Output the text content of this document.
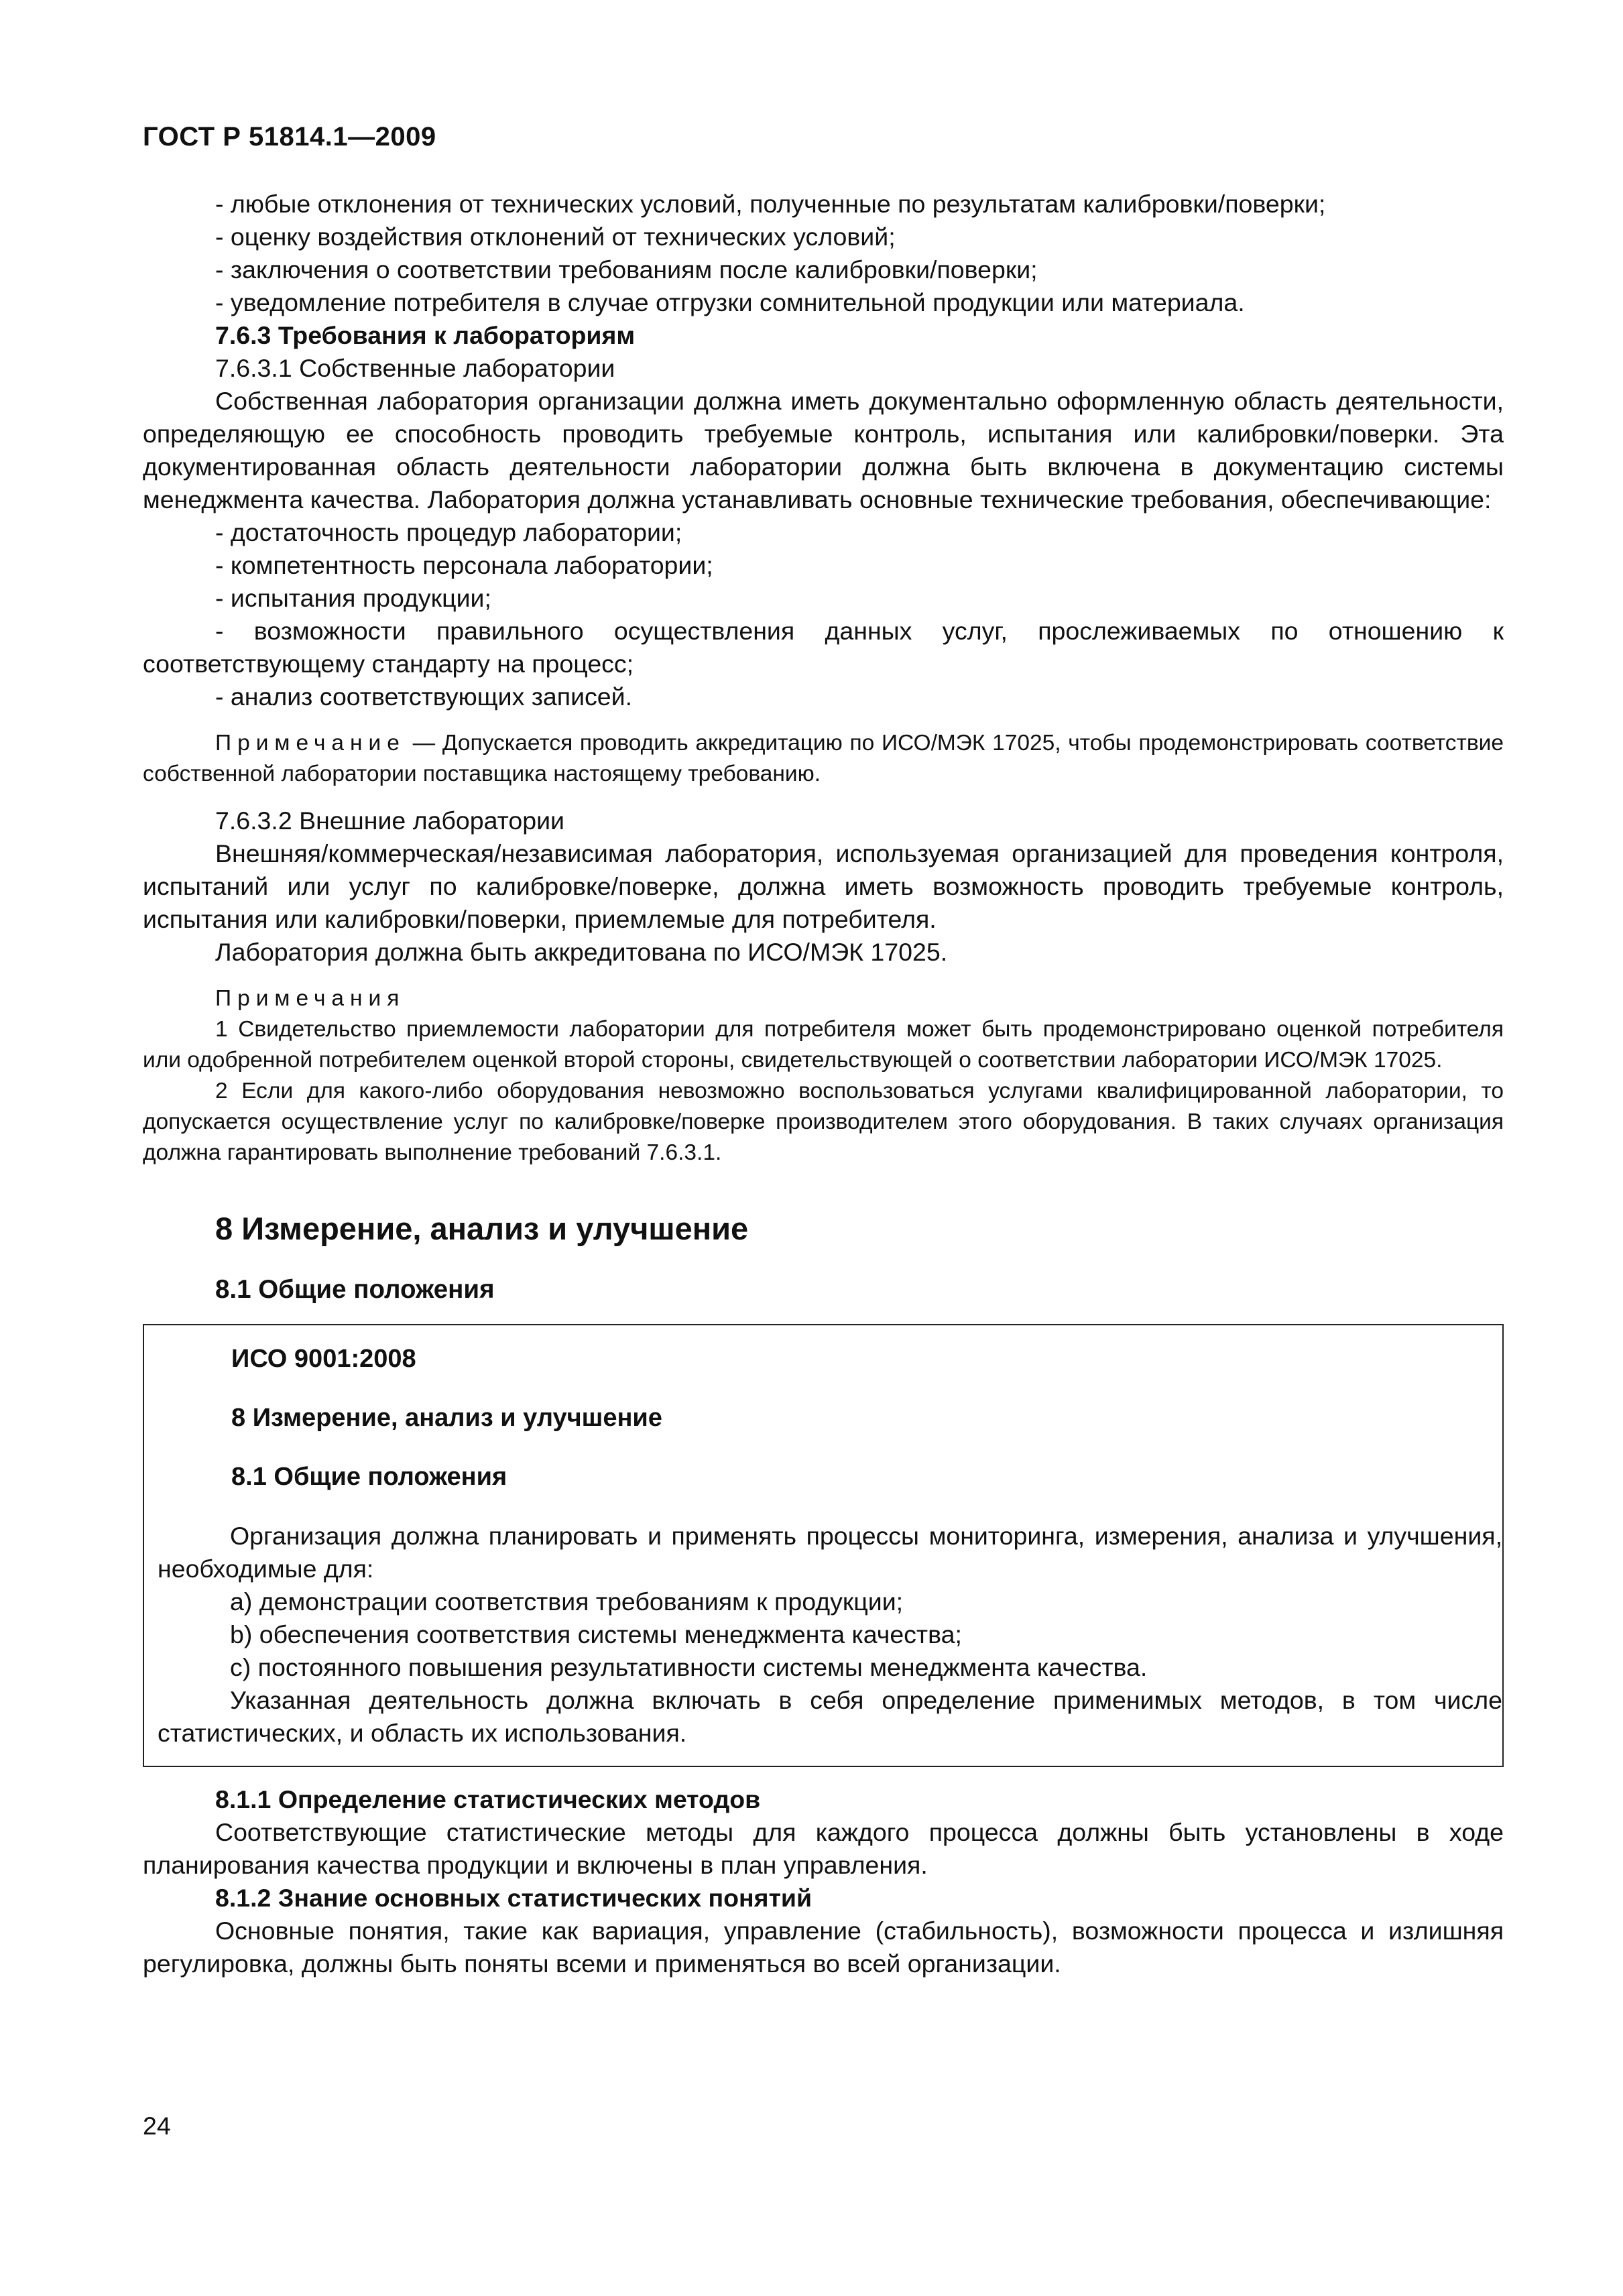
ГОСТ Р 51814.1—2009

- любые отклонения от технических условий, полученные по результатам калибровки/поверки;

- оценку воздействия отклонений от технических условий;

- заключения о соответствии требованиям после калибровки/поверки;

- уведомление потребителя в случае отгрузки сомнительной продукции или материала.

7.6.3 Требования к лабораториям

7.6.3.1 Собственные лаборатории

Собственная лаборатория организации должна иметь документально оформленную область деятельности, определяющую ее способность проводить требуемые контроль, испытания или калибровки/поверки. Эта документированная область деятельности лаборатории должна быть включена в документацию системы менеджмента качества. Лаборатория должна устанавливать основные технические требования, обеспечивающие:

- достаточность процедур лаборатории;

- компетентность персонала лаборатории;

- испытания продукции;

- возможности правильного осуществления данных услуг, прослеживаемых по отношению к соответствующему стандарту на процесс;

- анализ соответствующих записей.

Примечание — Допускается проводить аккредитацию по ИСО/МЭК 17025, чтобы продемонстрировать соответствие собственной лаборатории поставщика настоящему требованию.

7.6.3.2 Внешние лаборатории

Внешняя/коммерческая/независимая лаборатория, используемая организацией для проведения контроля, испытаний или услуг по калибровке/поверке, должна иметь возможность проводить требуемые контроль, испытания или калибровки/поверки, приемлемые для потребителя.

Лаборатория должна быть аккредитована по ИСО/МЭК 17025.

Примечания

1 Свидетельство приемлемости лаборатории для потребителя может быть продемонстрировано оценкой потребителя или одобренной потребителем оценкой второй стороны, свидетельствующей о соответствии лаборатории ИСО/МЭК 17025.

2 Если для какого-либо оборудования невозможно воспользоваться услугами квалифицированной лаборатории, то допускается осуществление услуг по калибровке/поверке производителем этого оборудования. В таких случаях организация должна гарантировать выполнение требований 7.6.3.1.

8 Измерение, анализ и улучшение
8.1 Общие положения
ИСО 9001:2008
8 Измерение, анализ и улучшение
8.1 Общие положения

Организация должна планировать и применять процессы мониторинга, измерения, анализа и улучшения, необходимые для:

a) демонстрации соответствия требованиям к продукции;

b) обеспечения соответствия системы менеджмента качества;

c) постоянного повышения результативности системы менеджмента качества.

Указанная деятельность должна включать в себя определение применимых методов, в том числе статистических, и область их использования.

8.1.1 Определение статистических методов

Соответствующие статистические методы для каждого процесса должны быть установлены в ходе планирования качества продукции и включены в план управления.

8.1.2 Знание основных статистических понятий

Основные понятия, такие как вариация, управление (стабильность), возможности процесса и излишняя регулировка, должны быть поняты всеми и применяться во всей организации.

24
